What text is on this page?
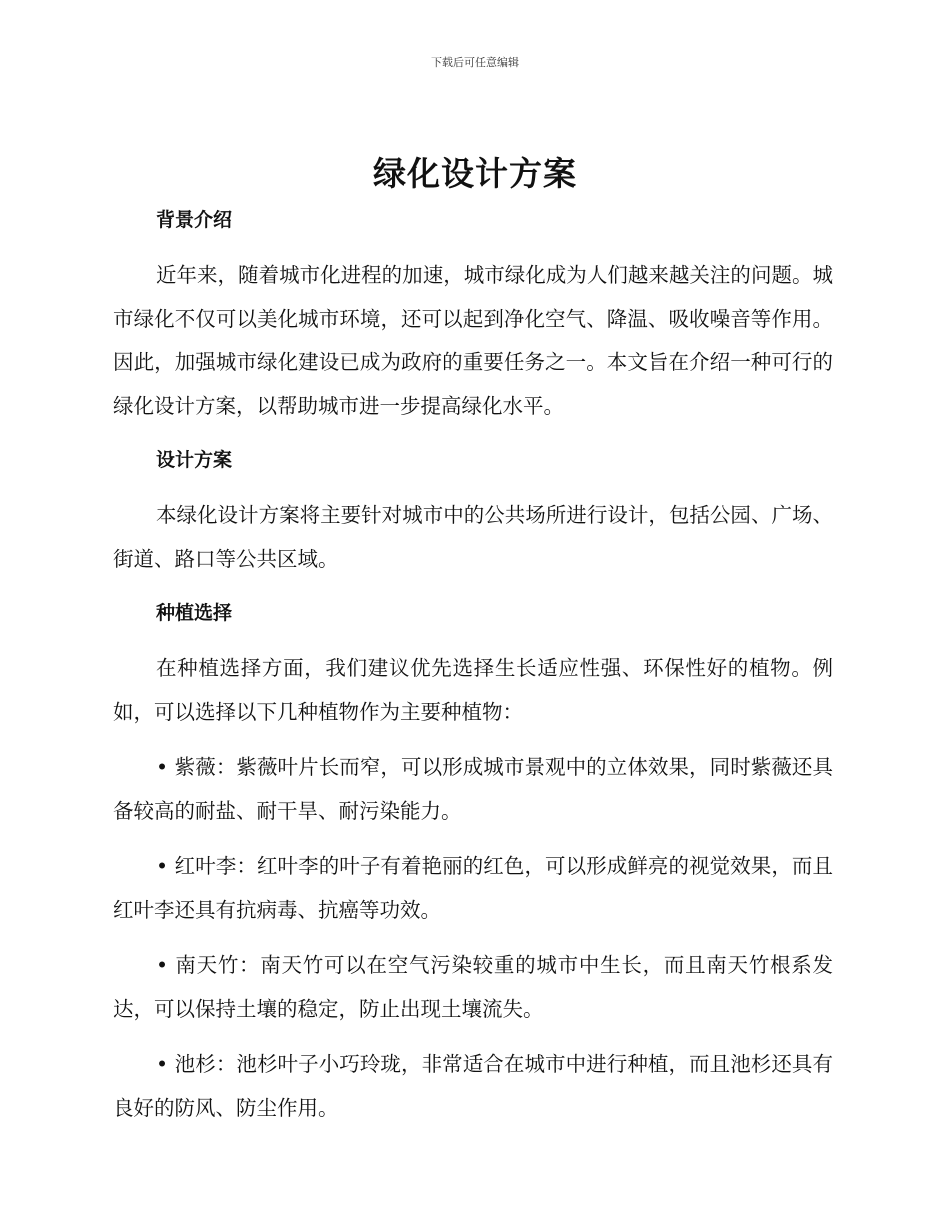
下载后可任意编辑
绿化设计方案
背景介绍

近年来，随着城市化进程的加速，城市绿化成为人们越来越关注的问题。城市绿化不仅可以美化城市环境，还可以起到净化空气、降温、吸收噪音等作用。因此，加强城市绿化建设已成为政府的重要任务之一。本文旨在介绍一种可行的绿化设计方案，以帮助城市进一步提高绿化水平。

设计方案

本绿化设计方案将主要针对城市中的公共场所进行设计，包括公园、广场、街道、路口等公共区域。

种植选择

在种植选择方面，我们建议优先选择生长适应性强、环保性好的植物。例如，可以选择以下几种植物作为主要种植物：

• 紫薇：紫薇叶片长而窄，可以形成城市景观中的立体效果，同时紫薇还具备较高的耐盐、耐干旱、耐污染能力。

• 红叶李：红叶李的叶子有着艳丽的红色，可以形成鲜亮的视觉效果，而且红叶李还具有抗病毒、抗癌等功效。

• 南天竹：南天竹可以在空气污染较重的城市中生长，而且南天竹根系发达，可以保持土壤的稳定，防止出现土壤流失。

• 池杉：池杉叶子小巧玲珑，非常适合在城市中进行种植，而且池杉还具有良好的防风、防尘作用。
